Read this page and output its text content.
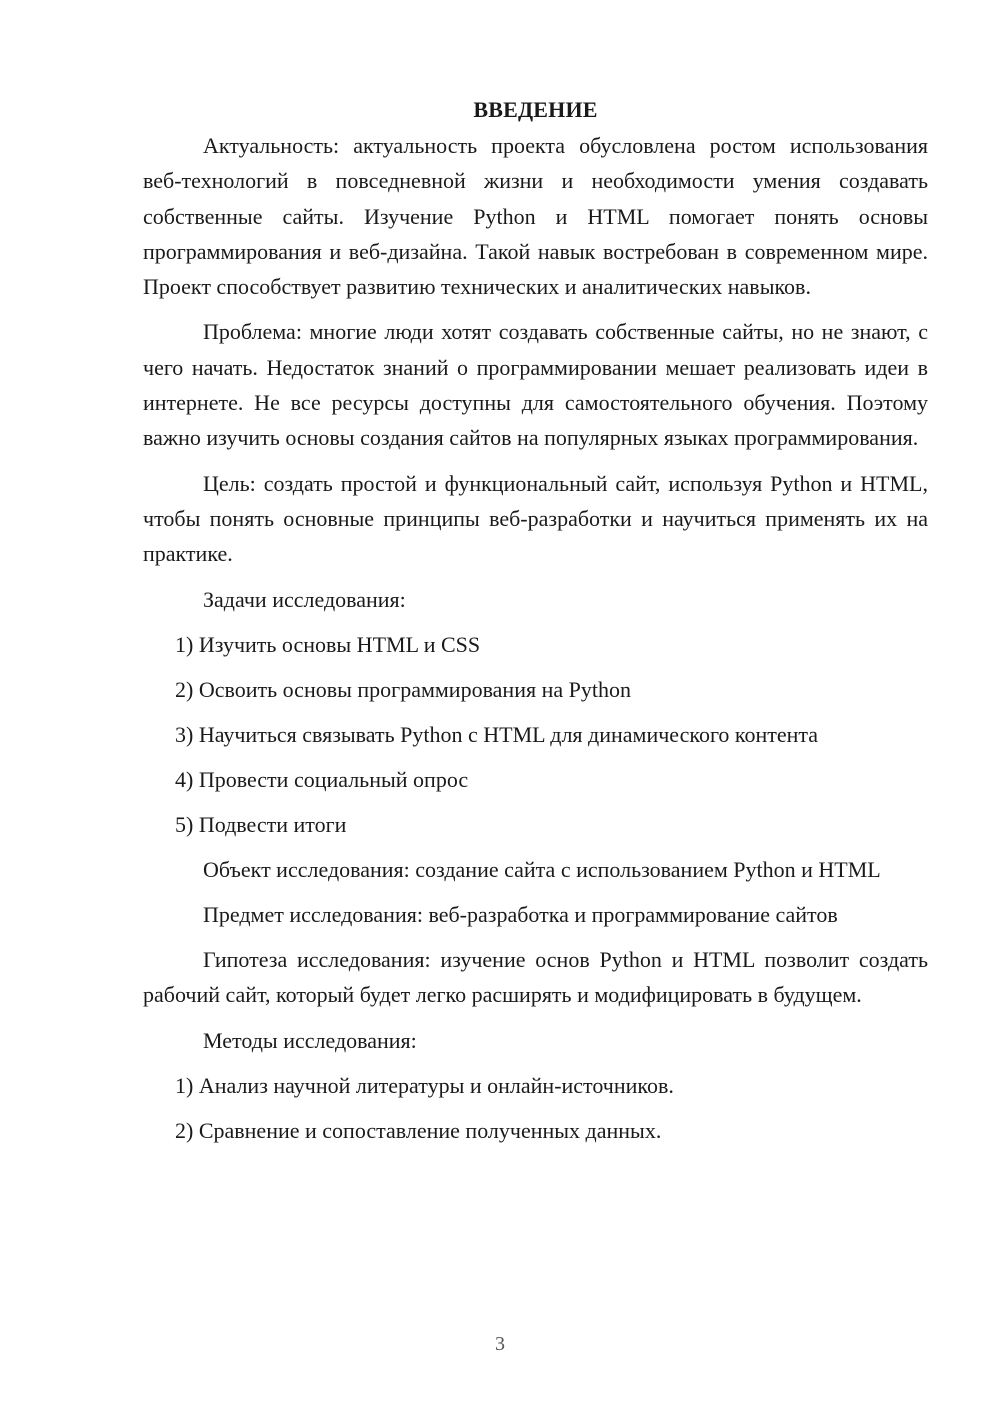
ВВЕДЕНИЕ

Актуальность: актуальность проекта обусловлена ростом использования веб-технологий в повседневной жизни и необходимости умения создавать собственные сайты. Изучение Python и HTML помогает понять основы программирования и веб-дизайна. Такой навык востребован в современном мире. Проект способствует развитию технических и аналитических навыков.

Проблема: многие люди хотят создавать собственные сайты, но не знают, с чего начать. Недостаток знаний о программировании мешает реализовать идеи в интернете. Не все ресурсы доступны для самостоятельного обучения. Поэтому важно изучить основы создания сайтов на популярных языках программирования.

Цель: создать простой и функциональный сайт, используя Python и HTML, чтобы понять основные принципы веб-разработки и научиться применять их на практике.

Задачи исследования:
1) Изучить основы HTML и CSS
2) Освоить основы программирования на Python
3) Научиться связывать Python с HTML для динамического контента
4) Провести социальный опрос
5) Подвести итоги

Объект исследования: создание сайта с использованием Python и HTML

Предмет исследования: веб-разработка и программирование сайтов

Гипотеза исследования: изучение основ Python и HTML позволит создать рабочий сайт, который будет легко расширять и модифицировать в будущем.

Методы исследования:
1) Анализ научной литературы и онлайн-источников.
2) Сравнение и сопоставление полученных данных.
3
